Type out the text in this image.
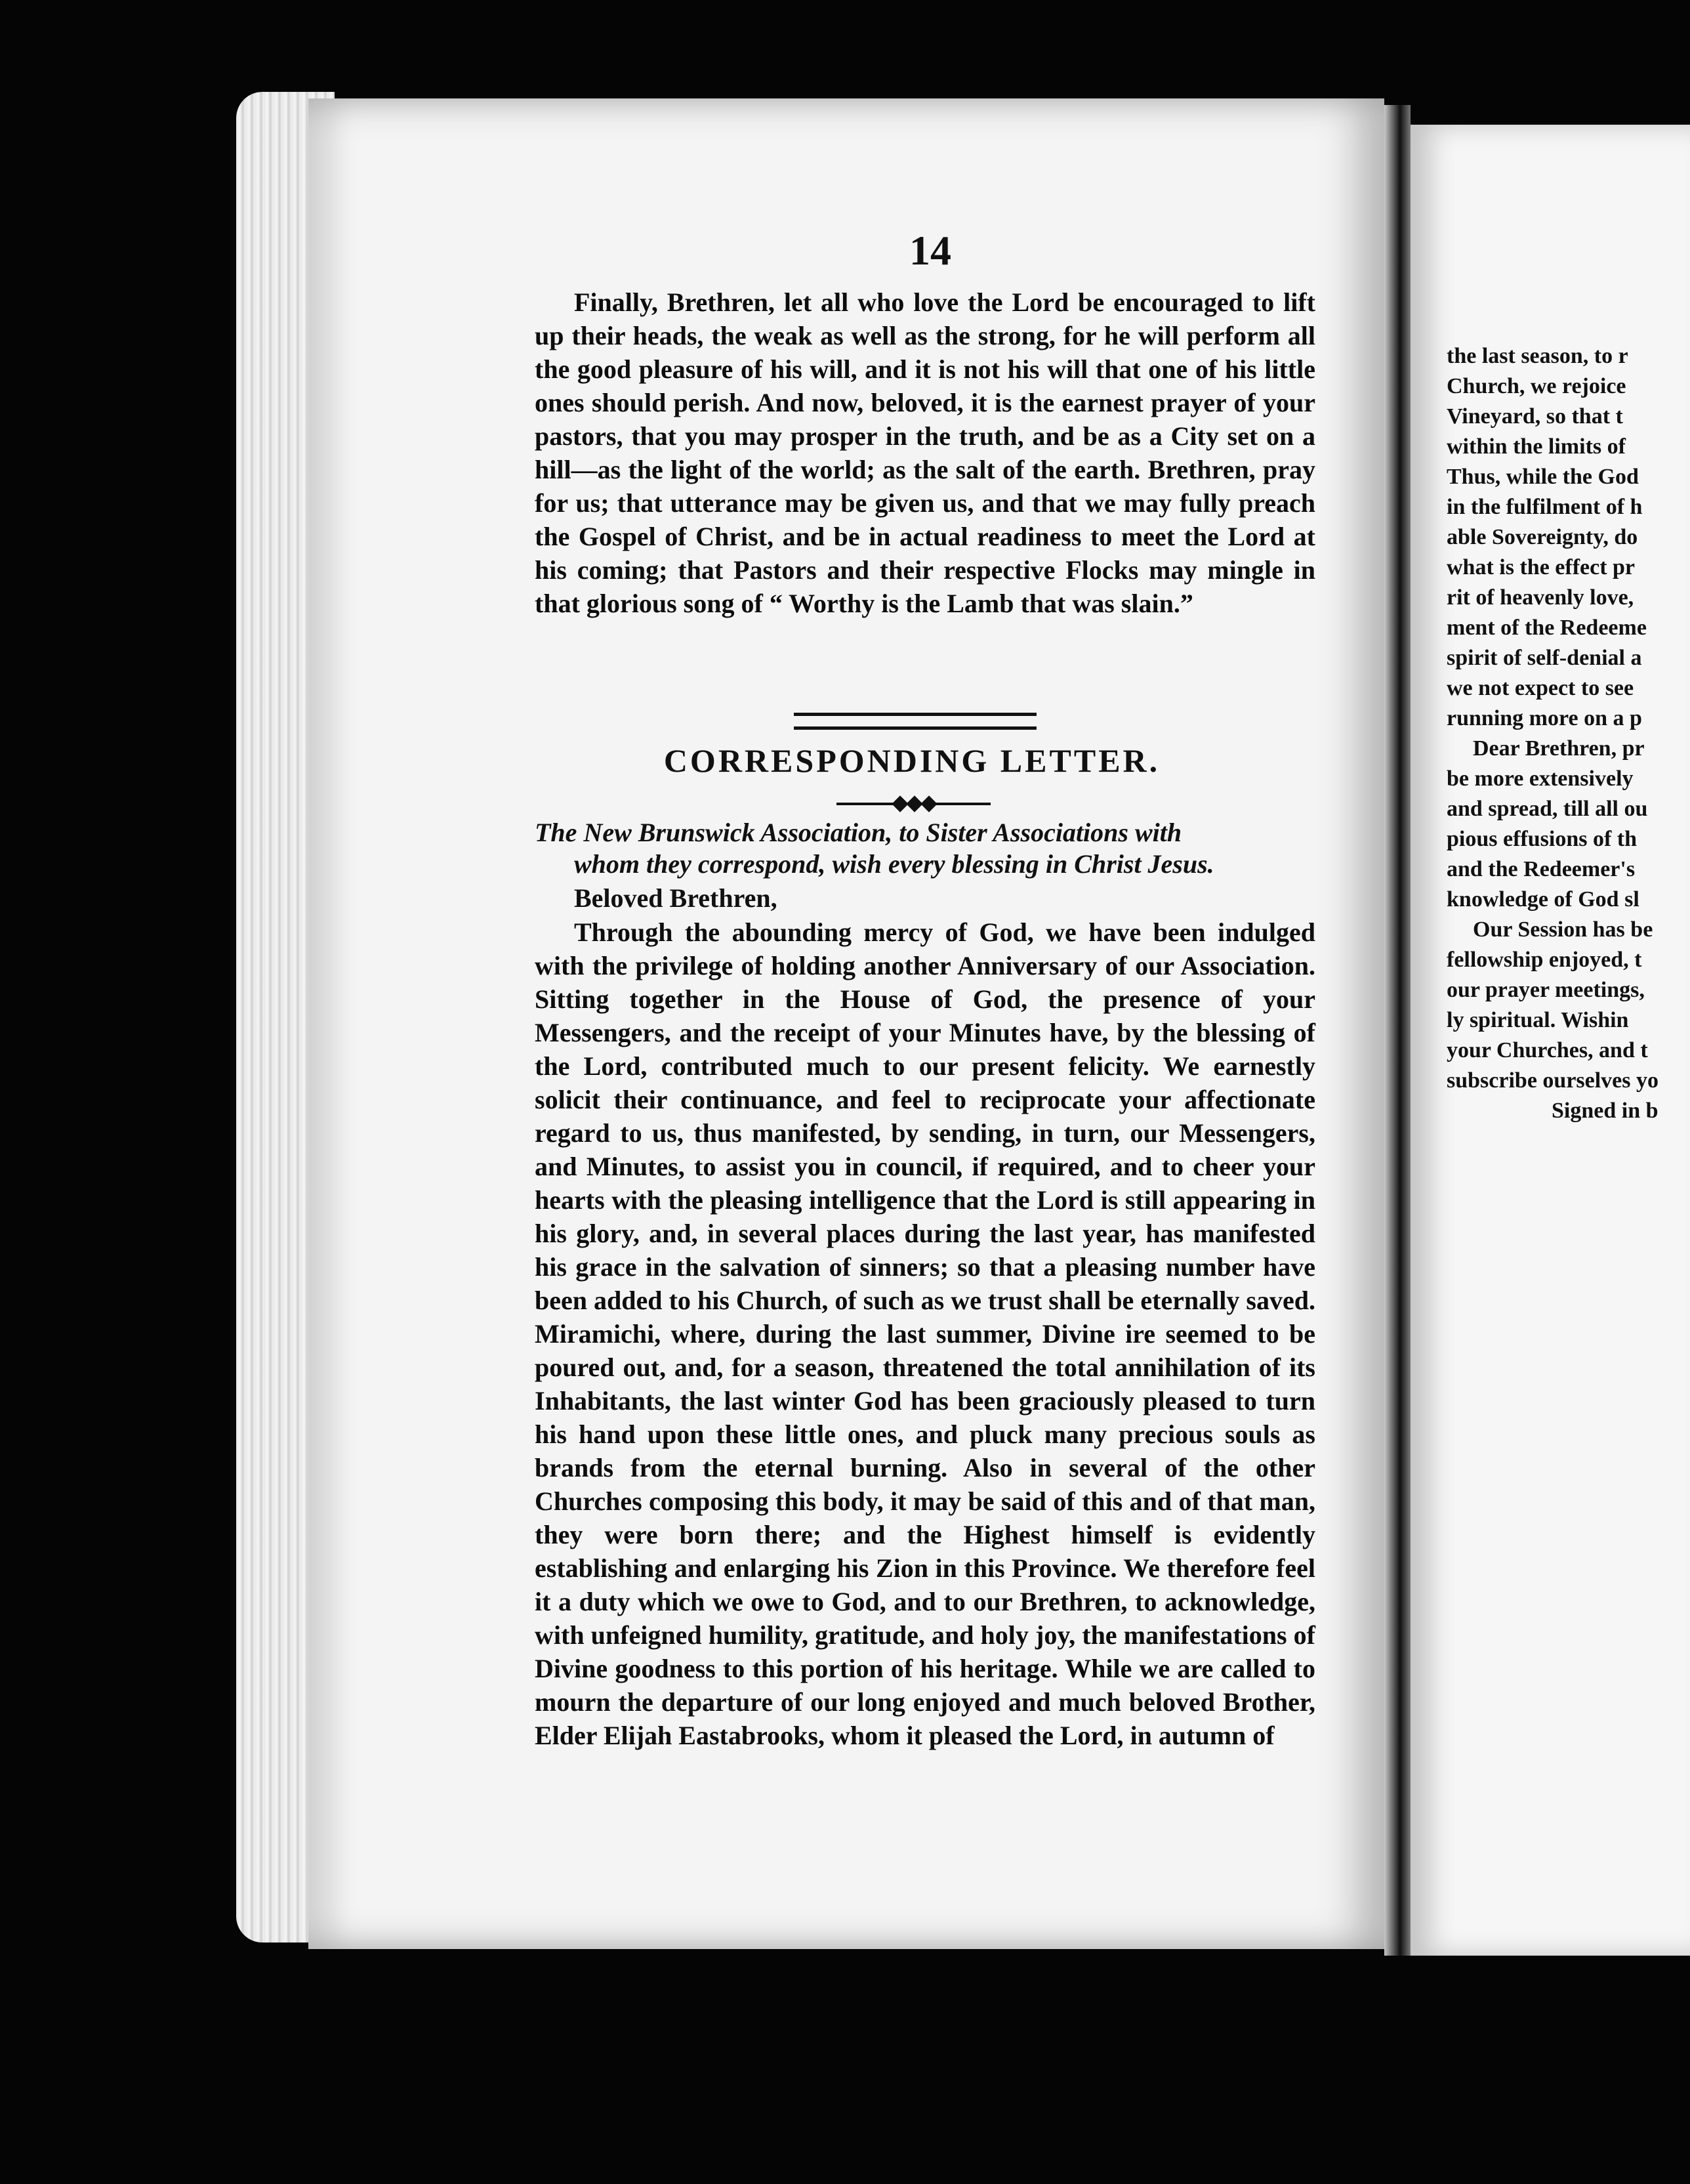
14

Finally, Brethren, let all who love the Lord be encouraged to lift up their heads, the weak as well as the strong, for he will perform all the good pleasure of his will, and it is not his will that one of his little ones should perish. And now, beloved, it is the earnest prayer of your pastors, that you may prosper in the truth, and be as a City set on a hill—as the light of the world; as the salt of the earth. Brethren, pray for us; that utterance may be given us, and that we may fully preach the Gospel of Christ, and be in actual readiness to meet the Lord at his coming; that Pastors and their respective Flocks may mingle in that glorious song of “ Worthy is the Lamb that was slain.”

CORRESPONDING LETTER.
The New Brunswick Association, to Sister Associations with
whom they correspond, wish every blessing in Christ Jesus.
Beloved Brethren,

Through the abounding mercy of God, we have been indulged with the privilege of holding another Anniversary of our Association. Sitting together in the House of God, the presence of your Messengers, and the receipt of your Minutes have, by the blessing of the Lord, contributed much to our present felicity. We earnestly solicit their continuance, and feel to reciprocate your affectionate regard to us, thus manifested, by sending, in turn, our Messengers, and Minutes, to assist you in council, if required, and to cheer your hearts with the pleasing intelligence that the Lord is still appearing in his glory, and, in several places during the last year, has manifested his grace in the salvation of sinners; so that a pleasing number have been added to his Church, of such as we trust shall be eternally saved. Miramichi, where, during the last summer, Divine ire seemed to be poured out, and, for a season, threatened the total annihilation of its Inhabitants, the last winter God has been graciously pleased to turn his hand upon these little ones, and pluck many precious souls as brands from the eternal burning. Also in several of the other Churches composing this body, it may be said of this and of that man, they were born there; and the Highest himself is evidently establishing and enlarging his Zion in this Province. We therefore feel it a duty which we owe to God, and to our Brethren, to acknowledge, with unfeigned humility, gratitude, and holy joy, the manifestations of Divine goodness to this portion of his heritage. While we are called to mourn the departure of our long enjoyed and much beloved Brother, Elder Elijah Eastabrooks, whom it pleased the Lord, in autumn of

the last season, to r
Church, we rejoice
Vineyard, so that t
within the limits of
Thus, while the God
in the fulfilment of h
able Sovereignty, do
what is the effect pr
rit of heavenly love,
ment of the Redeeme
spirit of self-denial a
we not expect to see
running more on a p
Dear Brethren, pr
be more extensively
and spread, till all ou
pious effusions of th
and the Redeemer's
knowledge of God sl
Our Session has be
fellowship enjoyed, t
our prayer meetings,
ly spiritual. Wishin
your Churches, and t
subscribe ourselves yo
Signed in b
